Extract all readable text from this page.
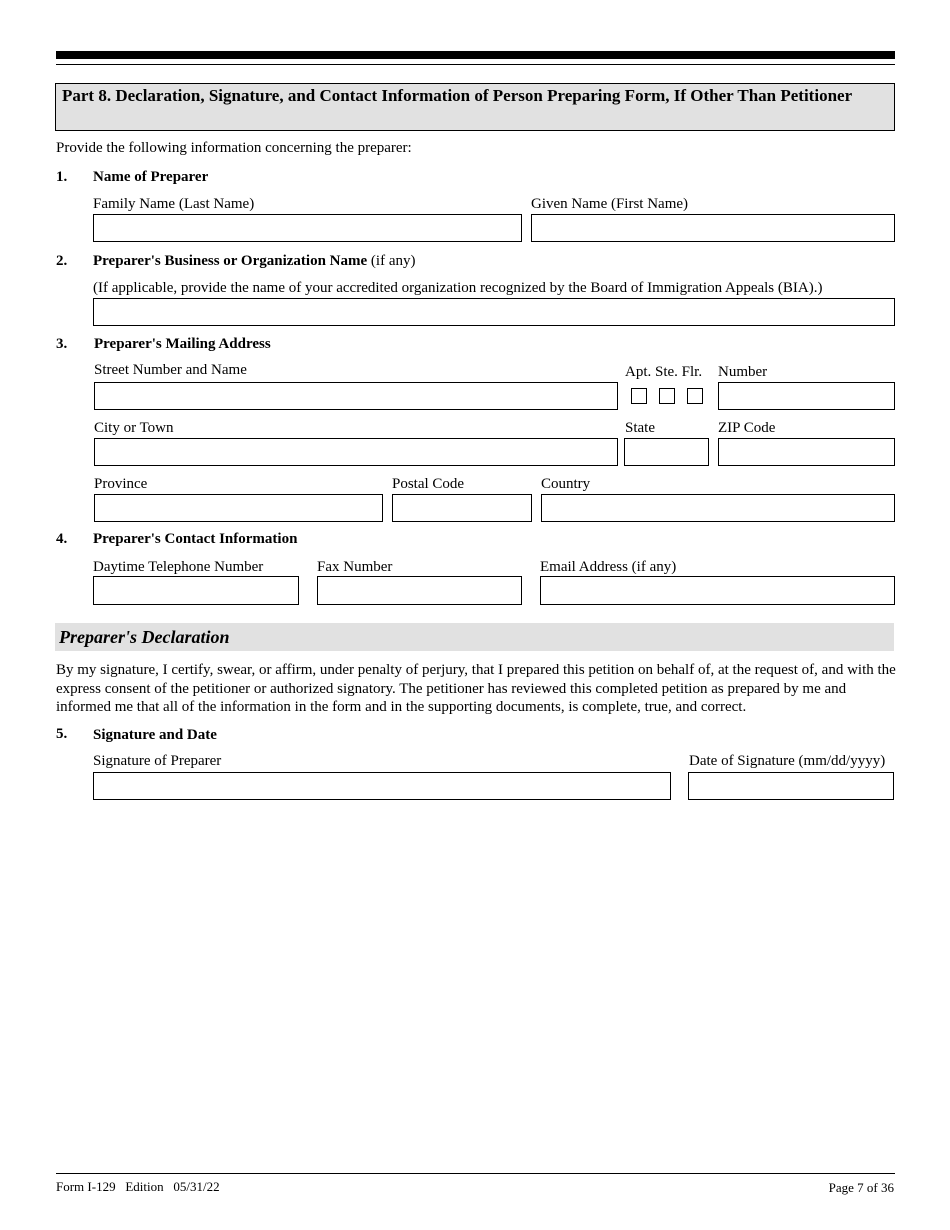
Part 8. Declaration, Signature, and Contact Information of Person Preparing Form, If Other Than Petitioner
Provide the following information concerning the preparer:
1. Name of Preparer
Family Name (Last Name)	Given Name (First Name)
2. Preparer's Business or Organization Name (if any)
(If applicable, provide the name of your accredited organization recognized by the Board of Immigration Appeals (BIA).)
3. Preparer's Mailing Address
Street Number and Name	Apt. Ste. Flr. Number
City or Town	State	ZIP Code
Province	Postal Code	Country
4. Preparer's Contact Information
Daytime Telephone Number	Fax Number	Email Address (if any)
Preparer's Declaration
By my signature, I certify, swear, or affirm, under penalty of perjury, that I prepared this petition on behalf of, at the request of, and with the express consent of the petitioner or authorized signatory. The petitioner has reviewed this completed petition as prepared by me and informed me that all of the information in the form and in the supporting documents, is complete, true, and correct.
5. Signature and Date
Signature of Preparer	Date of Signature (mm/dd/yyyy)
Form I-129   Edition   05/31/22	Page 7 of 36
